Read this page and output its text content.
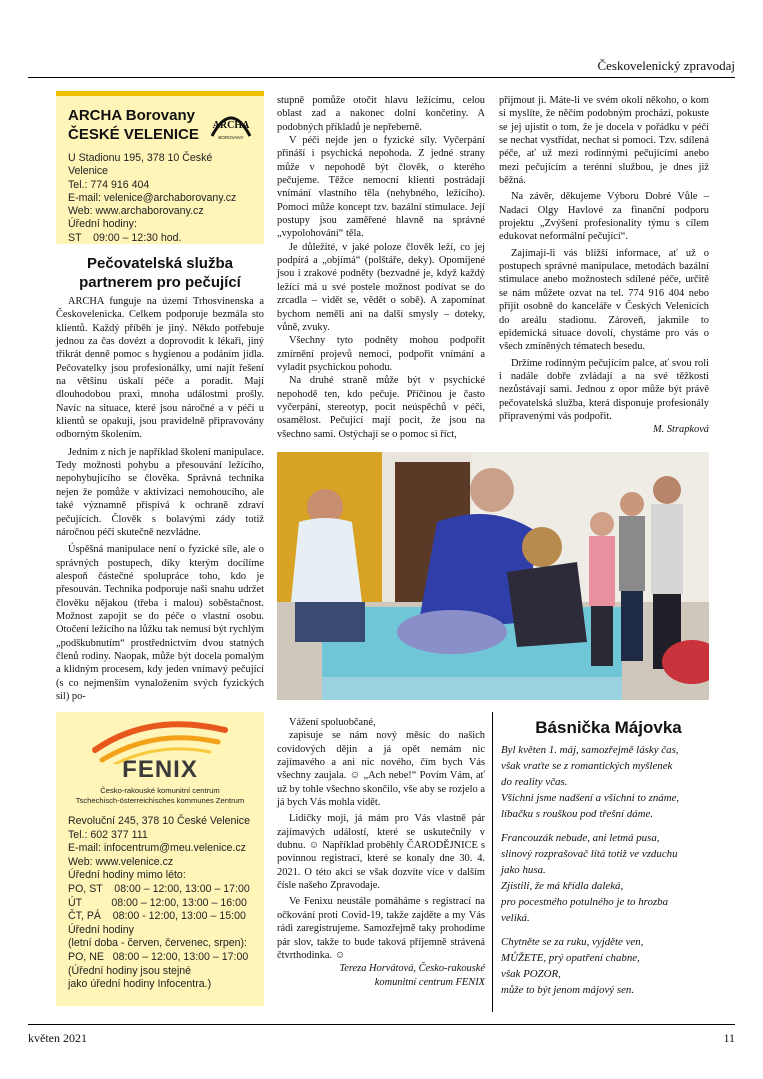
Českovelenický zpravodaj
ARCHA Borovany
ČESKÉ VELENICE
ARCHA
BOROVANY
U Stadionu 195, 378 10 České Velenice
Tel.: 774 916 404
E-mail: velenice@archaborovany.cz
Web: www.archaborovany.cz
Úřední hodiny:
ST    09:00 – 12:30 hod.
Pečovatelská služba
partnerem pro pečující

ARCHA funguje na území Trhosvinenska a Českovelenicka. Celkem podporuje bezmála sto klientů. Každý příběh je jiný. Někdo potřebuje jednou za čas dovézt a doprovodit k lékaři, jiný třikrát denně pomoc s hygienou a podáním jídla. Pečovatelky jsou profesionálky, umí najít řešení na většinu úskalí péče a poradit. Mají dlouhodobou praxi, mnoha událostmi prošly. Navíc na situace, které jsou náročné a v péči u klientů se opakují, jsou pravidelně připravovány odborným školením.

Jedním z nich je například školení manipulace. Tedy možnosti pohybu a přesouvání ležícího, nepohybujícího se člověka. Správná technika nejen že pomůže v aktivizaci nemohoucího, ale také významně přispívá k ochraně zdraví pečujících. Člověk s bolavými zády totiž náročnou péči skutečně nezvládne.

Úspěšná manipulace není o fyzické síle, ale o správných postupech, díky kterým docílíme alespoň částečné spolupráce toho, kdo je přesouván. Technika podporuje naši snahu udržet člověku nějakou (třeba i malou) soběstačnost. Možnost zapojit se do péče o vlastní osobu. Otočení ležícího na lůžku tak nemusí být rychlým „podškubnutím“ prostřednictvím dvou statných členů rodiny. Naopak, může být docela pomalým a klidným procesem, kdy jeden vnímavý pečující (s co nejmenším vynaložením svých fyzických sil) po-

stupně pomůže otočit hlavu ležícímu, celou oblast zad a nakonec dolní končetiny. A podobných příkladů je nepřeberně.

V péči nejde jen o fyzické síly. Vyčerpání přináší i psychická nepohoda. Z jedné strany může v nepohodě být člověk, o kterého pečujeme. Těžce nemocní klienti postrádají vnímání vlastního těla (nehybného, ležícího). Pomoci může koncept tzv. bazální stimulace. Její postupy jsou zaměřené hlavně na správné „vypolohování“ těla.

Je důležité, v jaké poloze člověk leží, co jej podpírá a „objímá“ (polštáře, deky). Opomíjené jsou i zrakové podněty (bezvadné je, když každý ležící má u své postele možnost podívat se do zrcadla – vidět se, vědět o sobě). A zapomínat bychom neměli ani na další smysly – doteky, vůně, zvuky.

Všechny tyto podněty mohou podpořit zmírnění projevů nemoci, podpořit vnímání a vyladit psychickou pohodu.

Na druhé straně může být v psychické nepohodě ten, kdo pečuje. Příčinou je často vyčerpání, stereotyp, pocit neúspěchů v péči, osamělost. Pečující mají pocit, že jsou na všechno sami. Ostýchají se o pomoc si říct,

přijmout ji. Máte-li ve svém okolí někoho, o kom si myslíte, že něčím podobným prochází, pokuste se jej ujistit o tom, že je docela v pořádku v péči se nechat vystřídat, nechat si pomoci. Tzv. sdílená péče, ať už mezi rodinnými pečujícími anebo mezi pečujícím a terénní službou, je dnes již běžná.

Na závěr, děkujeme Výboru Dobré Vůle – Nadaci Olgy Havlové za finanční podporu projektu „Zvýšení profesionality týmu s cílem edukovat neformální pečující“.

Zajímají-li vás bližší informace, ať už o postupech správné manipulace, metodách bazální stimulace anebo možnostech sdílené péče, určitě se nám můžete ozvat na tel. 774 916 404 nebo přijít osobně do kanceláře v Českých Velenicích do areálu stadionu. Zároveň, jakmile to epidemická situace dovolí, chystáme pro vás o všech zmíněných tématech besedu.

Držíme rodinným pečujícím palce, ať svou roli i nadále dobře zvládají a na své těžkosti nezůstávají sami. Jednou z opor může být právě pečovatelská služba, která disponuje profesionály připravenými vás podpořit.

M. Strapková
FENIX
Česko-rakouské komunitní centrum
Tschechisch-österreichisches kommunes Zentrum
Revoluční 245, 378 10 České Velenice
Tel.: 602 377 111
E-mail: infocentrum@meu.velenice.cz
Web: www.velenice.cz
Úřední hodiny mimo léto:
PO, ST    08:00 – 12:00, 13:00 – 17:00
ÚT          08:00 – 12:00, 13:00 – 16:00
ČT, PÁ    08:00 - 12:00, 13:00 – 15:00
Úřední hodiny
(letní doba - červen, červenec, srpen):
PO, NE   08:00 – 12:00, 13:00 – 17:00
(Úřední hodiny jsou stejné
jako úřední hodiny Infocentra.)

Vážení spoluobčané,

zapisuje se nám nový měsíc do našich covidových dějin a já opět nemám nic zajímavého a ani nic nového, čím bych Vás všechny zaujala. ☺ „Ach nebe!“ Povím Vám, ať už by tohle všechno skončilo, vše aby se rozjelo a já bych Vás mohla vidět.

Lidičky moji, já mám pro Vás vlastně pár zajímavých událostí, které se uskutečnily v dubnu. ☺ Například proběhly ČARODĚJNICE s povinnou registrací, které se konaly dne 30. 4. 2021. O této akci se však dozvíte více v dalším čísle našeho Zpravodaje.

Ve Fenixu neustále pomáháme s registrací na očkování proti Covid-19, takže zajděte a my Vás rádi zaregistrujeme. Samozřejmě taky prohodíme pár slov, takže to bude taková příjemně strávená čtvrthodinka. ☺

Tereza Horvátová, Česko-rakouské
komunitní centrum FENIX
Básnička Májovka

Byl květen 1. máj, samozřejmě lásky čas,
však vraťte se z romantických myšlenek
do reality včas.
Všichni jsme nadšení a všichni to známe,
líbačku s rouškou pod třešní dáme.

Francouzák nebude, ani letmá pusa,
slinový rozprašovač lítá totiž ve vzduchu
jako husa.
Zjistili, že má křídla daleká,
pro pocestného potulného je to hrozba
veliká.

Chytněte se za ruku, vyjděte ven,
MŮŽETE, prý opatření chabne,
však POZOR,
může to být jenom májový sen.

květen 2021	11
